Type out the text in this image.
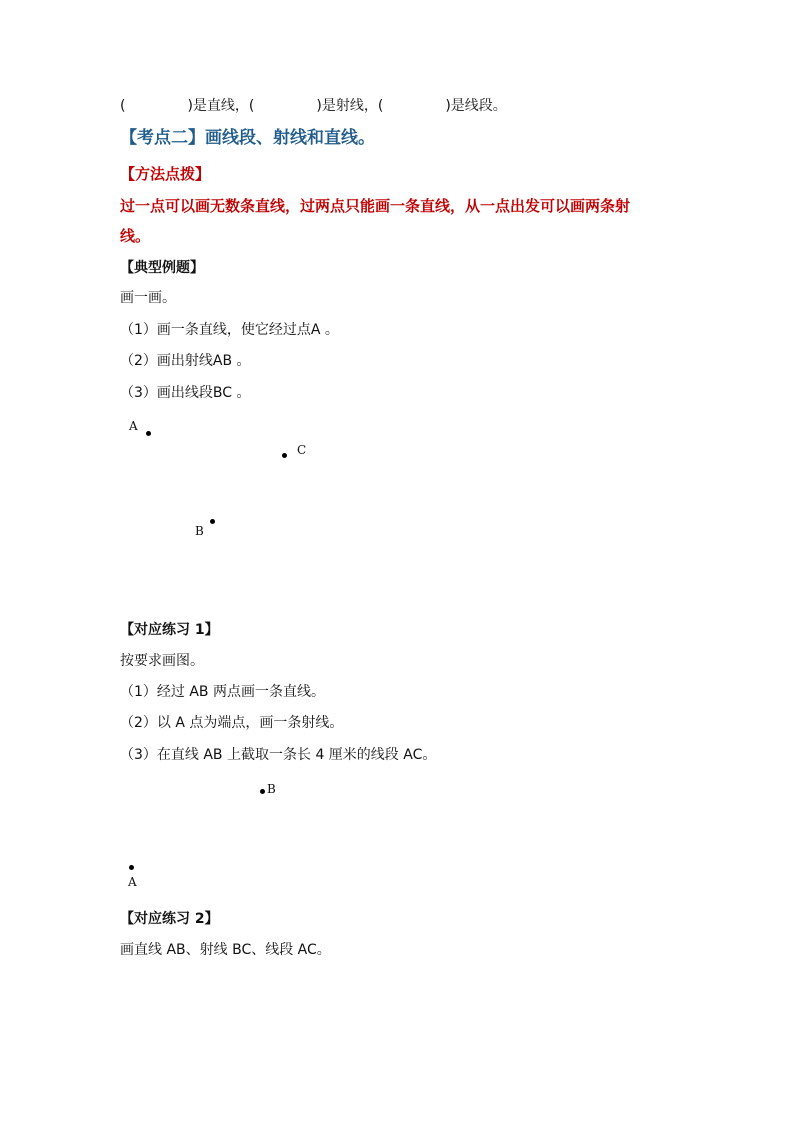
(	)是直线，(	)是射线，(	)是线段。
【考点二】画线段、射线和直线。
【方法点拨】
过一点可以画无数条直线，过两点只能画一条直线，从一点出发可以画两条射
线。
【典型例题】
画一画。
（1）画一条直线，使它经过点A 。
（2）画出射线AB 。
（3）画出线段BC 。
A
C
B
【对应练习 1】
按要求画图。
（1）经过 AB 两点画一条直线。
（2）以 A 点为端点，画一条射线。
（3）在直线 AB 上截取一条长 4 厘米的线段 AC。
B
A
【对应练习 2】
画直线 AB、射线 BC、线段 AC。
